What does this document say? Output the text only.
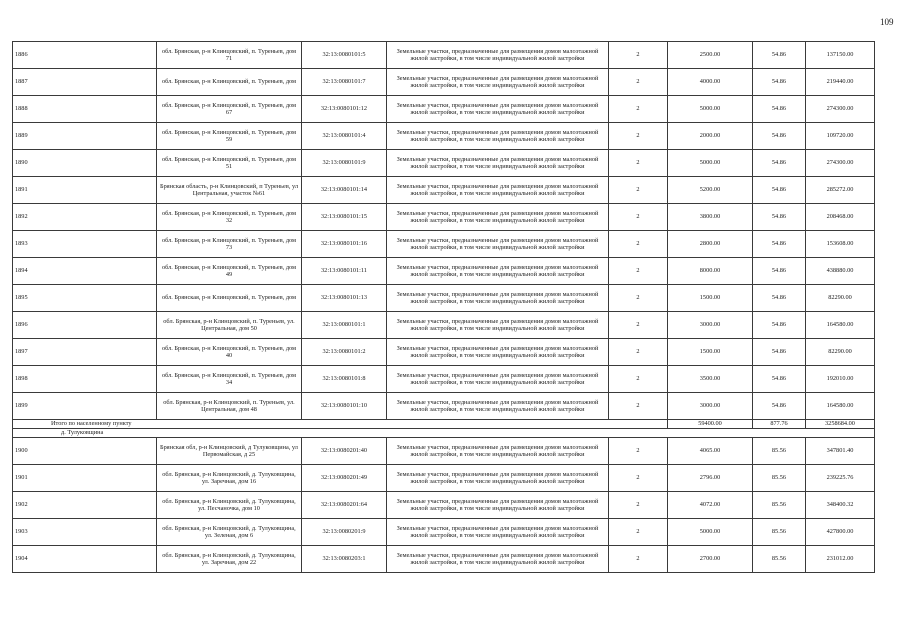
109
1886	обл. Брянская, р-н Клинцовский, п. Туреньев, дом 71	32:13:0080101:5	Земельные участки, предназначенные для размещения домов малоэтажной жилой застройки, в том числе индивидуальной жилой застройки	2	2500.00	54.86	137150.00
1887	обл. Брянская, р-н Клинцовский, п. Туреньев, дом	32:13:0080101:7	Земельные участки, предназначенные для размещения домов малоэтажной жилой застройки, в том числе индивидуальной жилой застройки	2	4000.00	54.86	219440.00
1888	обл. Брянская, р-н Клинцовский, п. Туреньев, дом 67	32:13:0080101:12	Земельные участки, предназначенные для размещения домов малоэтажной жилой застройки, в том числе индивидуальной жилой застройки	2	5000.00	54.86	274300.00
1889	обл. Брянская, р-н Клинцовский, п. Туреньев, дом 59	32:13:0080101:4	Земельные участки, предназначенные для размещения домов малоэтажной жилой застройки, в том числе индивидуальной жилой застройки	2	2000.00	54.86	109720.00
1890	обл. Брянская, р-н Клинцовский, п. Туреньев, дом 51	32:13:0080101:9	Земельные участки, предназначенные для размещения домов малоэтажной жилой застройки, в том числе индивидуальной жилой застройки	2	5000.00	54.86	274300.00
1891	Брянская область, р-н Клинцовский, п Туреньев, ул Центральная, участок №61	32:13:0080101:14	Земельные участки, предназначенные для размещения домов малоэтажной жилой застройки, в том числе индивидуальной жилой застройки	2	5200.00	54.86	285272.00
1892	обл. Брянская, р-н Клинцовский, п. Туреньев, дом 32	32:13:0080101:15	Земельные участки, предназначенные для размещения домов малоэтажной жилой застройки, в том числе индивидуальной жилой застройки	2	3800.00	54.86	208468.00
1893	обл. Брянская, р-н Клинцовский, п. Туреньев, дом 73	32:13:0080101:16	Земельные участки, предназначенные для размещения домов малоэтажной жилой застройки, в том числе индивидуальной жилой застройки	2	2800.00	54.86	153608.00
1894	обл. Брянская, р-н Клинцовский, п. Туреньев, дом 49	32:13:0080101:11	Земельные участки, предназначенные для размещения домов малоэтажной жилой застройки, в том числе индивидуальной жилой застройки	2	8000.00	54.86	438880.00
1895	обл. Брянская, р-н Клинцовский, п. Туреньев, дом	32:13:0080101:13	Земельные участки, предназначенные для размещения домов малоэтажной жилой застройки, в том числе индивидуальной жилой застройки	2	1500.00	54.86	82290.00
1896	обл. Брянская, р-н Клинцовский, п. Туреньев, ул. Центральная, дом 50	32:13:0080101:1	Земельные участки, предназначенные для размещения домов малоэтажной жилой застройки, в том числе индивидуальной жилой застройки	2	3000.00	54.86	164580.00
1897	обл. Брянская, р-н Клинцовский, п. Туреньев, дом 40	32:13:0080101:2	Земельные участки, предназначенные для размещения домов малоэтажной жилой застройки, в том числе индивидуальной жилой застройки	2	1500.00	54.86	82290.00
1898	обл. Брянская, р-н Клинцовский, п. Туреньев, дом 34	32:13:0080101:8	Земельные участки, предназначенные для размещения домов малоэтажной жилой застройки, в том числе индивидуальной жилой застройки	2	3500.00	54.86	192010.00
1899	обл. Брянская, р-н Клинцовский, п. Туреньев, ул. Центральная, дом 48	32:13:0080101:10	Земельные участки, предназначенные для размещения домов малоэтажной жилой застройки, в том числе индивидуальной жилой застройки	2	3000.00	54.86	164580.00
Итого по населенному пункту					59400.00	877.76	3258684.00
д. Тулуковщина							
1900	Брянская обл, р-н Клинцовский, д Тулуковщина, ул Первомайская, д 25	32:13:0080201:40	Земельные участки, предназначенные для размещения домов малоэтажной жилой застройки, в том числе индивидуальной жилой застройки	2	4065.00	85.56	347801.40
1901	обл. Брянская, р-н Клинцовский, д. Тулуковщина, ул. Заречная, дом 16	32:13:0080201:49	Земельные участки, предназначенные для размещения домов малоэтажной жилой застройки, в том числе индивидуальной жилой застройки	2	2796.00	85.56	239225.76
1902	обл. Брянская, р-н Клинцовский, д. Тулуковщина, ул. Песчаночка, дом 10	32:13:0080201:64	Земельные участки, предназначенные для размещения домов малоэтажной жилой застройки, в том числе индивидуальной жилой застройки	2	4072.00	85.56	348400.32
1903	обл. Брянская, р-н Клинцовский, д. Тулуковщина, ул. Зеленая, дом 6	32:13:0080201:9	Земельные участки, предназначенные для размещения домов малоэтажной жилой застройки, в том числе индивидуальной жилой застройки	2	5000.00	85.56	427800.00
1904	обл. Брянская, р-н Клинцовский, д. Тулуковщина, ул. Заречная, дом 22	32:13:0080203:1	Земельные участки, предназначенные для размещения домов малоэтажной жилой застройки, в том числе индивидуальной жилой застройки	2	2700.00	85.56	231012.00
